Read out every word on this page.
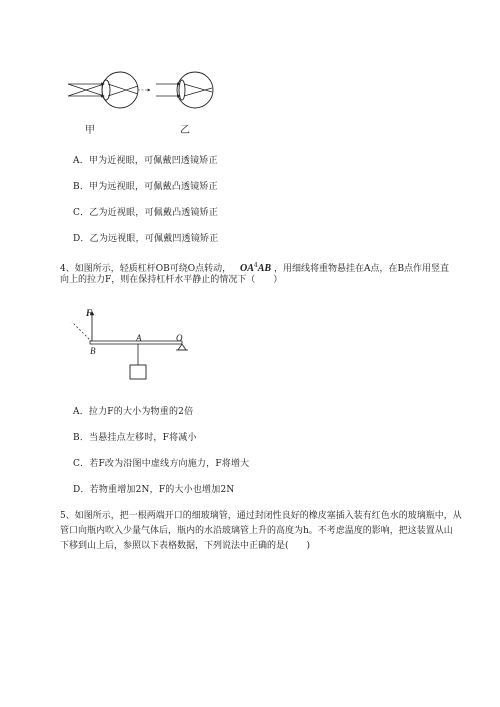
甲	乙
A．甲为近视眼，可佩戴凹透镜矫正
B．甲为远视眼，可佩戴凸透镜矫正
C．乙为近视眼，可佩戴凸透镜矫正
D．乙为远视眼，可佩戴凹透镜矫正
4、如图所示，轻质杠杆OB可绕O点转动， $OA^4AB$ ，用细线将重物悬挂在A点，在B点作用竖直
向上的拉力F，则在保持杠杆水平静止的情况下（　　）
F
A	O
B
A．拉力F的大小为物重的2倍
B．当悬挂点左移时，F将减小
C．若F改为沿图中虚线方向施力，F将增大
D．若物重增加2N，F的大小也增加2N
5、如图所示，把一根两端开口的细玻璃管，通过封闭性良好的橡皮塞插入装有红色水的玻璃瓶中，从
管口向瓶内吹入少量气体后，瓶内的水沿玻璃管上升的高度为h。不考虑温度的影响，把这装置从山
下移到山上后，参照以下表格数据，下列说法中正确的是(　　)
